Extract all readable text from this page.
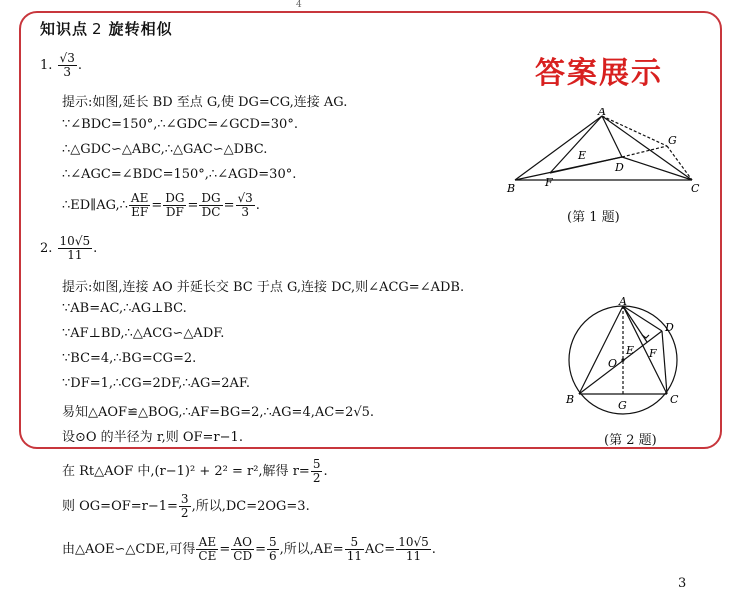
4
知识点 2 旋转相似
答案展示
1. $\frac{√3}{3}$ .
提示:如图,延长 BD 至点 G,使 DG=CG,连接 AG.
∵∠BDC=150°,∴∠GDC=∠GCD=30°.
∴△GDC∽△ABC,∴△GAC∽△DBC.
∴∠AGC=∠BDC=150°,∴∠AGD=30°.
∴ED∥AG,∴ $\frac{AE}{EF} = \frac{DG}{DF} = \frac{DG}{DC} = \frac{√3}{3}$ .
A
B	C
D
E
F
G
(第 1 题)
2. $\frac{10√5}{11}$ .
提示:如图,连接 AO 并延长交 BC 于点 G,连接 DC,则∠ACG=∠ADB.
∵AB=AC,∴AG⊥BC.
∵AF⊥BD,∴△ACG∽△ADF.
∵BC=4,∴BG=CG=2.
∵DF=1,∴CG=2DF,∴AG=2AF.
易知△AOF≌△BOG,∴AF=BG=2,∴AG=4,AC=2√5.
设⊙O 的半径为 r,则 OF=r−1.
A
B	C
D
E F
G
O
(第 2 题)
在 Rt△AOF 中,(r−1)² + 2² = r²,解得 $r= \frac{5}{2}$ .
则 $OG=OF=r-1= \frac{3}{2}$ ,所以,DC=2OG=3.
由△AOE∽△CDE,可得 $\frac{AE}{CE} = \frac{AO}{CD} = \frac{5}{6}$ ,所以$,AE= \frac{5}{11} AC= \frac{10√5}{11}$ .
3
